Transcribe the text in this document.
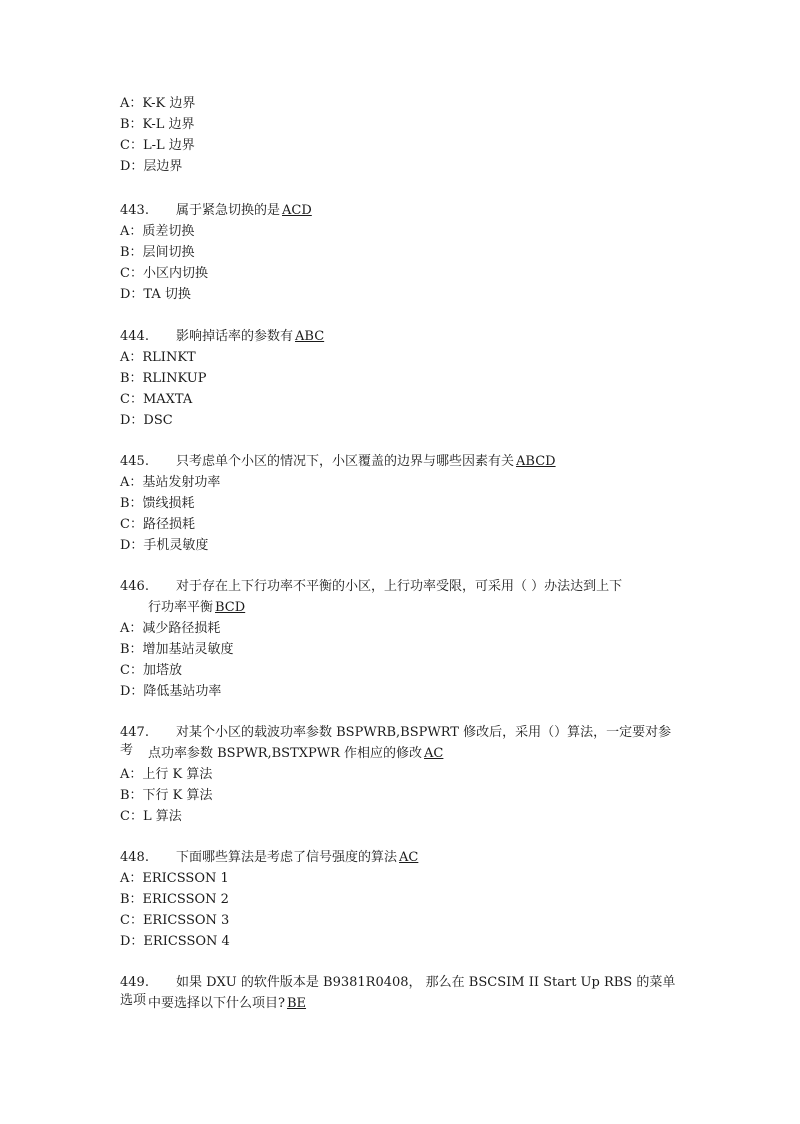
A：K-K 边界
B：K-L 边界
C：L-L 边界
D：层边界
443. 属于紧急切换的是 ACD
A：质差切换
B：层间切换
C：小区内切换
D：TA 切换
444. 影响掉话率的参数有 ABC
A：RLINKT
B：RLINKUP
C：MAXTA
D：DSC
445. 只考虑单个小区的情况下，小区覆盖的边界与哪些因素有关 ABCD
A：基站发射功率
B：馈线损耗
C：路径损耗
D：手机灵敏度
446. 对于存在上下行功率不平衡的小区，上行功率受限，可采用（ ）办法达到上下
行功率平衡 BCD
A：减少路径损耗
B：增加基站灵敏度
C：加塔放
D：降低基站功率
447. 对某个小区的载波功率参数 BSPWRB,BSPWRT 修改后，采用（）算法，一定要对参考	点功率参数 BSPWR,BSTXPWR 作相应的修改 AC
A：上行 K 算法
B：下行 K 算法
C：L 算法
448. 下面哪些算法是考虑了信号强度的算法 AC
A：ERICSSON 1
B：ERICSSON 2
C：ERICSSON 3
D：ERICSSON 4
449. 如果 DXU 的软件版本是 B9381R0408， 那么在 BSCSIM II Start Up RBS 的菜单选项 中要选择以下什么项目? BE
